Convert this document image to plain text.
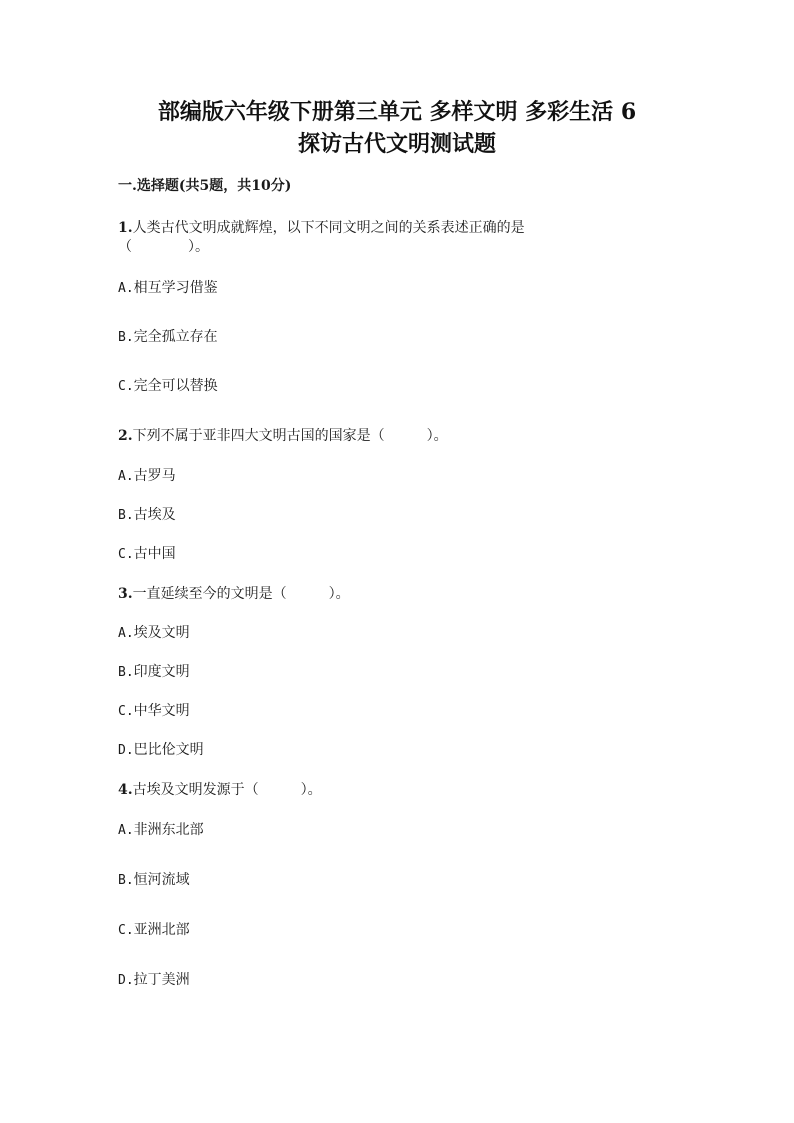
部编版六年级下册第三单元 多样文明 多彩生活 6
探访古代文明测试题
一.选择题(共5题，共10分)
1.人类古代文明成就辉煌，以下不同文明之间的关系表述正确的是
（　　　　）。
A.相互学习借鉴
B.完全孤立存在
C.完全可以替换
2.下列不属于亚非四大文明古国的国家是（　　　）。
A.古罗马
B.古埃及
C.古中国
3.一直延续至今的文明是（　　　）。
A.埃及文明
B.印度文明
C.中华文明
D.巴比伦文明
4.古埃及文明发源于（　　　）。
A.非洲东北部
B.恒河流域
C.亚洲北部
D.拉丁美洲
